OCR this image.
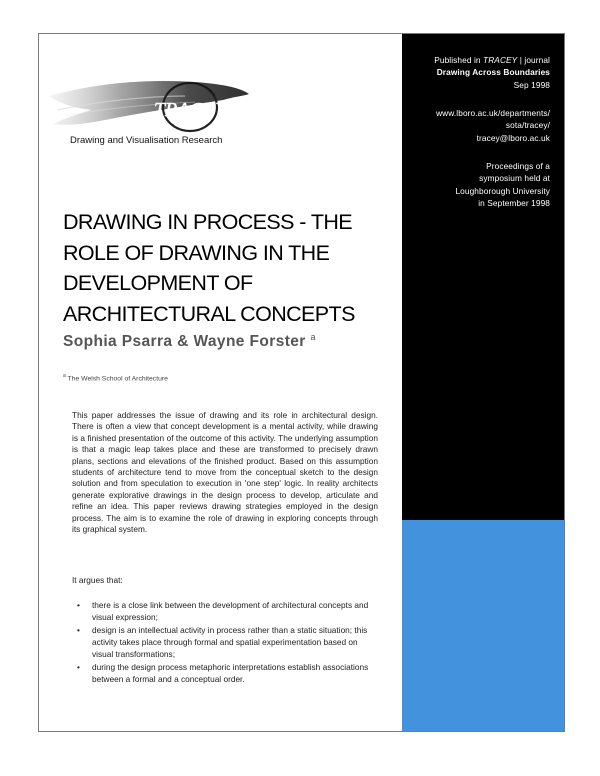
Published in TRACEY | journal
Drawing Across Boundaries
Sep 1998
www.lboro.ac.uk/departments/
sota/tracey/
tracey@lboro.ac.uk
Proceedings of a
symposium held at
Loughborough University
in September 1998
TRACEY
Drawing and Visualisation Research
DRAWING IN PROCESS - THE ROLE OF DRAWING IN THE DEVELOPMENT OF ARCHITECTURAL CONCEPTS
Sophia Psarra & Wayne Forster $^a$
$^a$ The Welsh School of Architecture

This paper addresses the issue of drawing and its role in architectural design. There is often a view that concept development is a mental activity, while drawing is a finished presentation of the outcome of this activity. The underlying assumption is that a magic leap takes place and these are transformed to precisely drawn plans, sections and elevations of the finished product. Based on this assumption students of architecture tend to move from the conceptual sketch to the design solution and from speculation to execution in 'one step' logic. In reality architects generate explorative drawings in the design process to develop, articulate and refine an idea. This paper reviews drawing strategies employed in the design process. The aim is to examine the role of drawing in exploring concepts through its graphical system.

It argues that:
• there is a close link between the development of architectural concepts and visual expression;
• design is an intellectual activity in process rather than a static situation; this activity takes place through formal and spatial experimentation based on visual transformations;
• during the design process metaphoric interpretations establish associations between a formal and a conceptual order.
